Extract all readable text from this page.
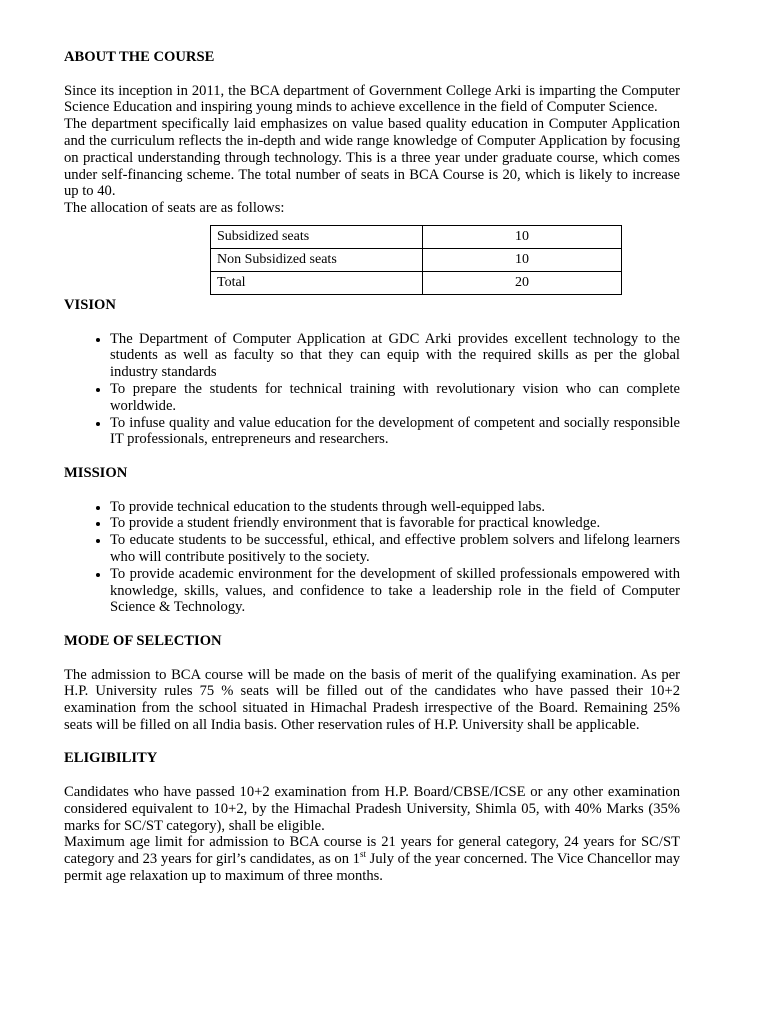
ABOUT THE COURSE

Since its inception in 2011, the BCA department of Government College Arki is imparting the Computer Science Education and inspiring young minds to achieve excellence in the field of Computer Science.

The department specifically laid emphasizes on value based quality education in Computer Application and the curriculum reflects the in-depth and wide range knowledge of Computer Application by focusing on practical understanding through technology. This is a three year under graduate course, which comes under self-financing scheme. The total number of seats in BCA Course is 20, which is likely to increase up to 40.

The allocation of seats are as follows:

Subsidized seats	10
Non Subsidized seats	10
Total	20
VISION
• The Department of Computer Application at GDC Arki provides excellent technology to the students as well as faculty so that they can equip with the required skills as per the global industry standards
• To prepare the students for technical training with revolutionary vision who can complete worldwide.
• To infuse quality and value education for the development of competent and socially responsible IT professionals, entrepreneurs and researchers.
MISSION
• To provide technical education to the students through well-equipped labs.
• To provide a student friendly environment that is favorable for practical knowledge.
• To educate students to be successful, ethical, and effective problem solvers and lifelong learners who will contribute positively to the society.
• To provide academic environment for the development of skilled professionals empowered with knowledge, skills, values, and confidence to take a leadership role in the field of Computer Science & Technology.
MODE OF SELECTION

The admission to BCA course will be made on the basis of merit of the qualifying examination. As per H.P. University rules 75 % seats will be filled out of the candidates who have passed their 10+2 examination from the school situated in Himachal Pradesh irrespective of the Board. Remaining 25% seats will be filled on all India basis. Other reservation rules of H.P. University shall be applicable.

ELIGIBILITY

Candidates who have passed 10+2 examination from H.P. Board/CBSE/ICSE or any other examination considered equivalent to 10+2, by the Himachal Pradesh University, Shimla 05, with 40% Marks (35% marks for SC/ST category), shall be eligible.

Maximum age limit for admission to BCA course is 21 years for general category, 24 years for SC/ST category and 23 years for girl’s candidates, as on 1st July of the year concerned. The Vice Chancellor may permit age relaxation up to maximum of three months.
